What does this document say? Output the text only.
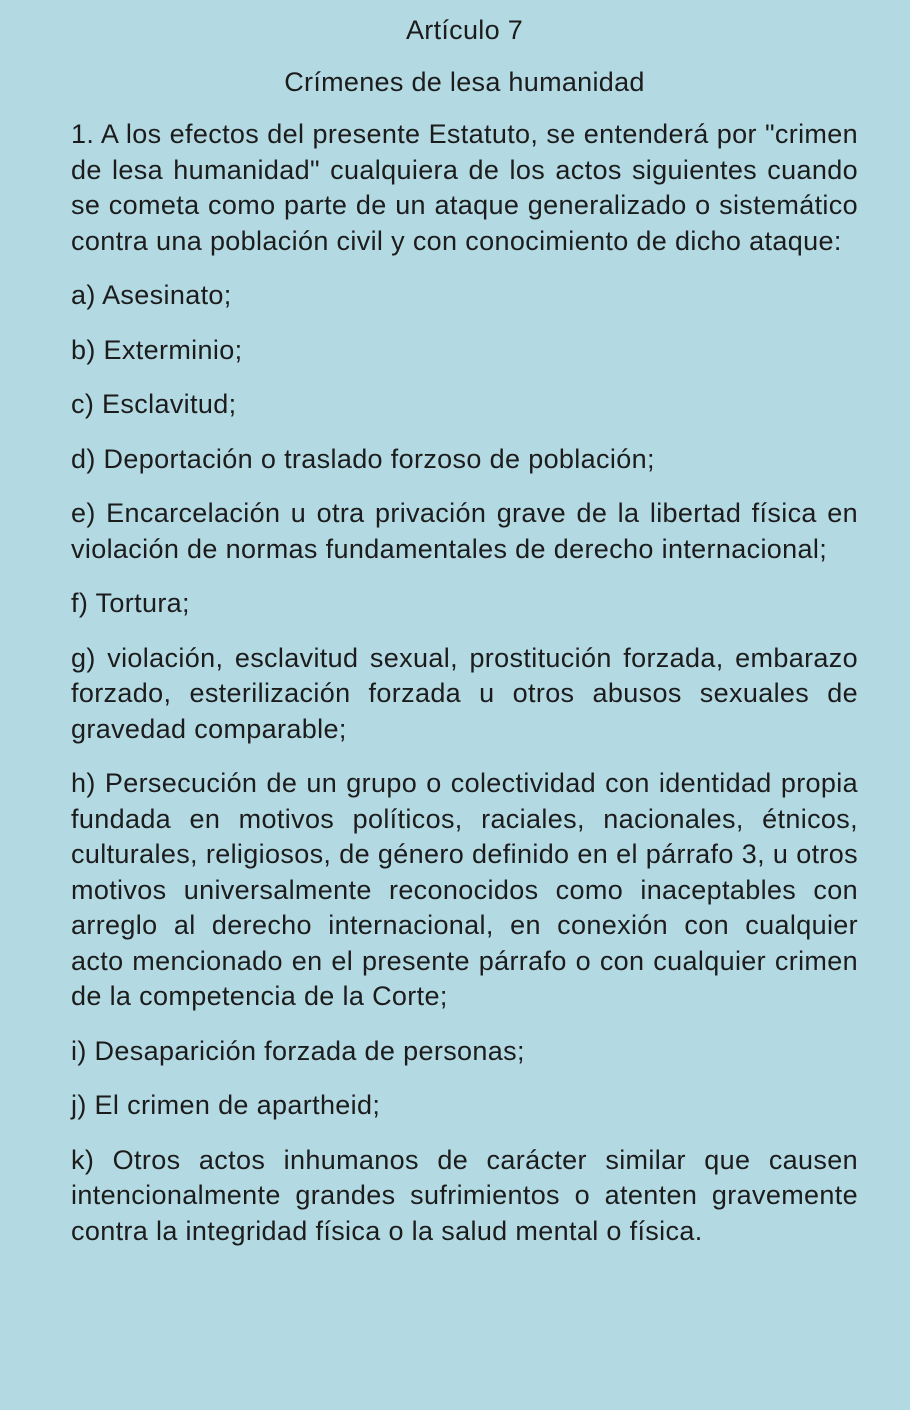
Artículo 7
Crímenes de lesa humanidad

1. A los efectos del presente Estatuto, se entenderá por "crimen de lesa humanidad" cualquiera de los actos siguientes cuando se cometa como parte de un ataque generalizado o sistemático contra una población civil y con conocimiento de dicho ataque:

a) Asesinato;

b) Exterminio;

c) Esclavitud;

d) Deportación o traslado forzoso de población;

e) Encarcelación u otra privación grave de la libertad física en violación de normas fundamentales de derecho internacional;

f) Tortura;

g) violación, esclavitud sexual, prostitución forzada, embarazo forzado, esterilización forzada u otros abusos sexuales de gravedad comparable;

h) Persecución de un grupo o colectividad con identidad propia fundada en motivos políticos, raciales, nacionales, étnicos, culturales, religiosos, de género definido en el párrafo 3, u otros motivos universalmente reconocidos como inaceptables con arreglo al derecho internacional, en conexión con cualquier acto mencionado en el presente párrafo o con cualquier crimen de la competencia de la Corte;

i) Desaparición forzada de personas;

j) El crimen de apartheid;

k) Otros actos inhumanos de carácter similar que causen intencionalmente grandes sufrimientos o atenten gravemente contra la integridad física o la salud mental o física.
